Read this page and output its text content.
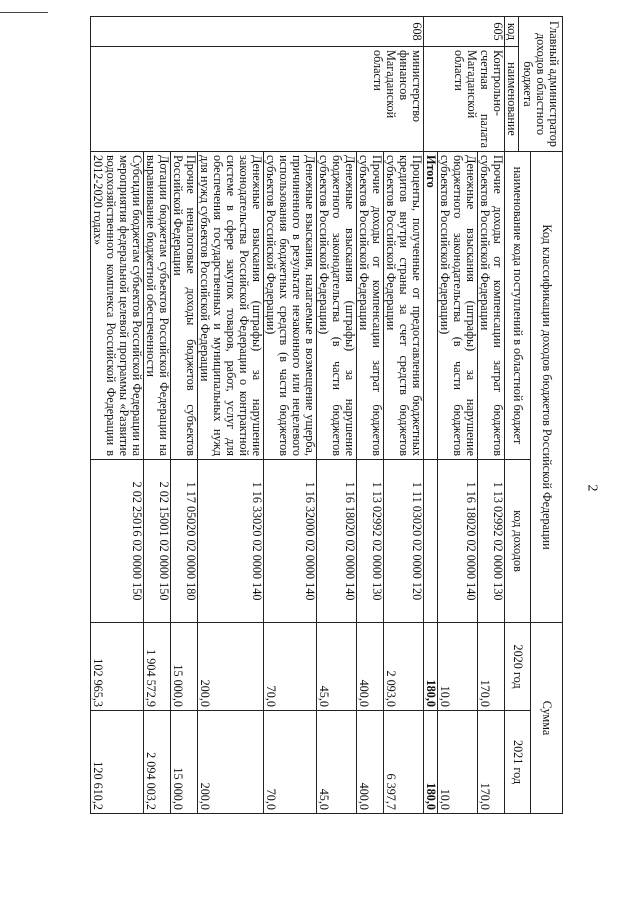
2
Главный администратор доходов областного бюджета		Код классификации доходов бюджетов Российской Федерации		Сумма	
		наименование кода поступлений в областной бюджет	код доходов	2020 год	2021 год
код	наименование				
605	Контрольно-счетная палата Магаданской области	Прочие доходы от компенсации затрат бюджетов субъектов Российской Федерации	1 13 02992 02 0000 130	170,0	170,0
		Денежные взыскания (штрафы) за нарушение бюджетного законодательства (в части бюджетов субъектов Российской Федерации)	1 16 18020 02 0000 140	10,0	10,0
		Итого		180,0	180,0
608	министерство финансов Магаданской области	Проценты, полученные от предоставления бюджетных кредитов внутри страны за счет средств бюджетов субъектов Российской Федерации	1 11 03020 02 0000 120	2 093,0	6 397,7
		Прочие доходы от компенсации затрат бюджетов субъектов Российской Федерации	1 13 02992 02 0000 130	400,0	400,0
		Денежные взыскания (штрафы) за нарушение бюджетного законодательства (в части бюджетов субъектов Российской Федерации)	1 16 18020 02 0000 140	45,0	45,0
		Денежные взыскания, налагаемые в возмещение ущерба, причиненного в результате незаконного или нецелевого использования бюджетных средств (в части бюджетов субъектов Российской Федерации)	1 16 32000 02 0000 140	70,0	70,0
		Денежные взыскания (штрафы) за нарушение законодательства Российской Федерации о контрактной системе в сфере закупок товаров, работ, услуг для обеспечения государственных и муниципальных нужд для нужд субъектов Российской Федерации	1 16 33020 02 0000 140	200,0	200,0
		Прочие неналоговые доходы бюджетов субъектов Российской Федерации	1 17 05020 02 0000 180	15 000,0	15 000,0
		Дотации бюджетам субъектов Российской Федерации на выравнивание бюджетной обеспеченности	2 02 15001 02 0000 150	1 904 572,9	2 094 003,2
		Субсидии бюджетам субъектов Российской Федерации на мероприятия федеральной целевой программы «Развитие водохозяйственного комплекса Российской Федерации в 2012-2020 годах»	2 02 25016 02 0000 150	102 965,3	120 610,2
